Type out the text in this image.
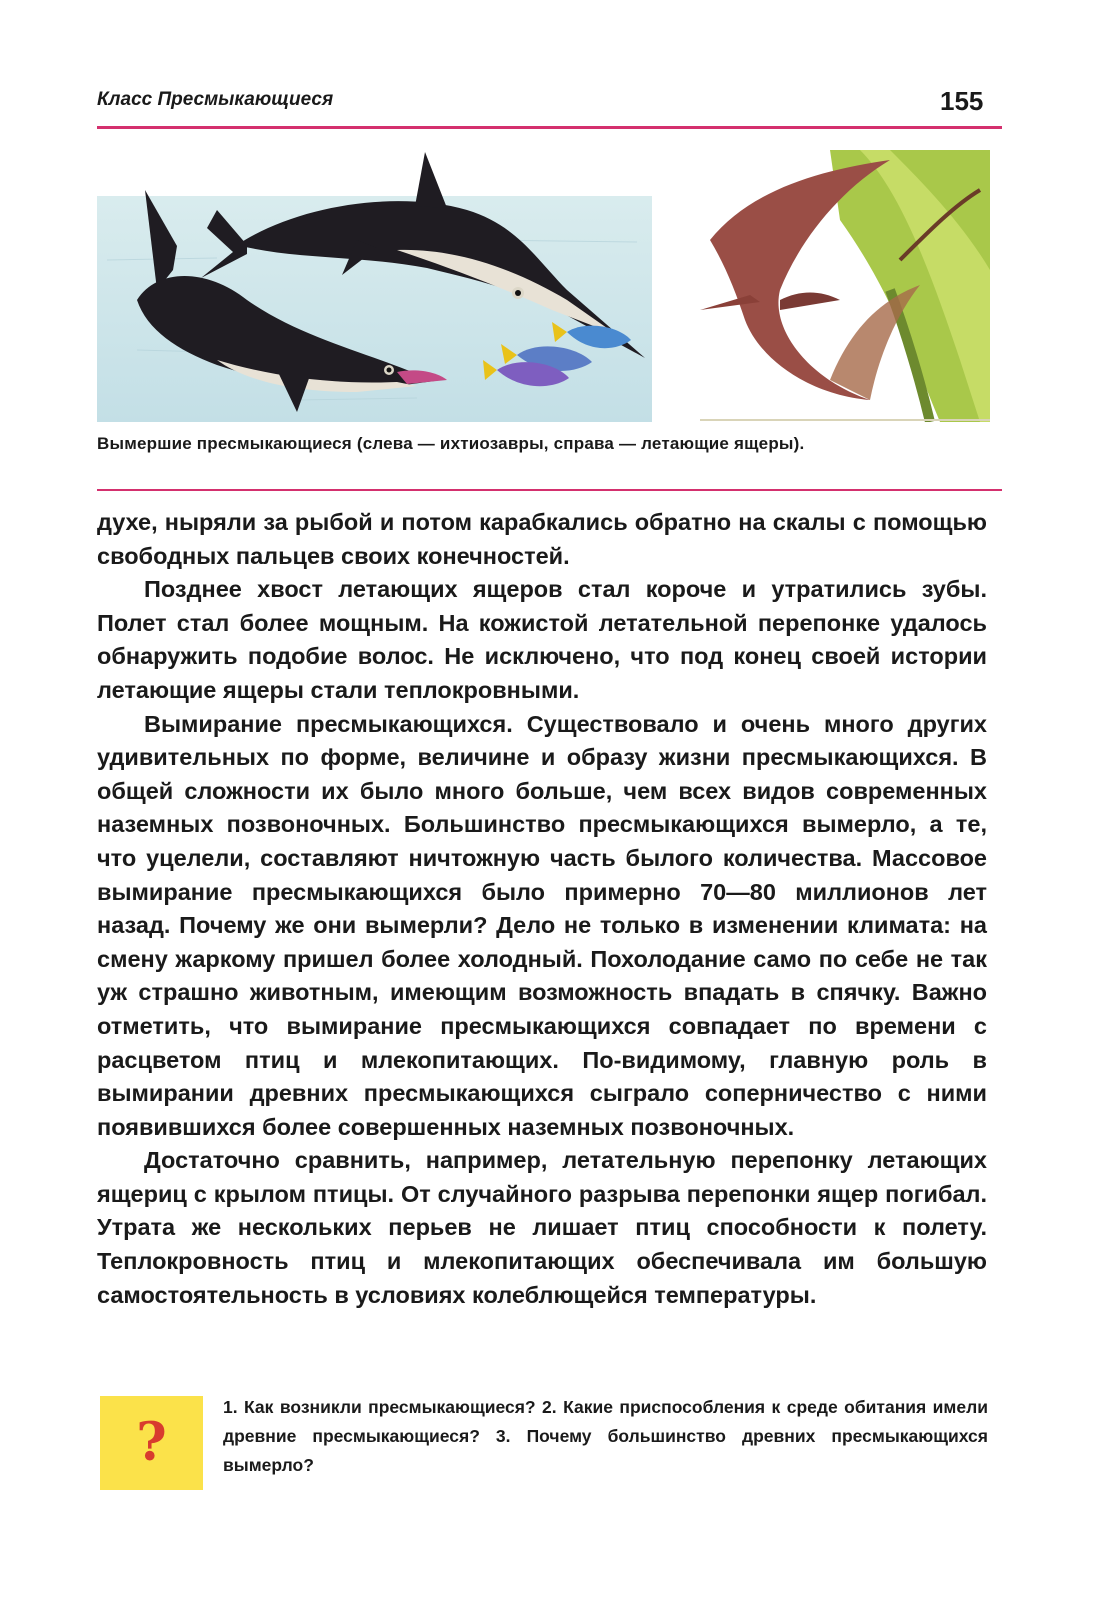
Класс Пресмыкающиеся	155
Вымершие пресмыкающиеся (слева — ихтиозавры, справа — летающие ящеры).

духе, ныряли за рыбой и потом карабкались обратно на скалы с помощью свободных пальцев своих конечностей.

Позднее хвост летающих ящеров стал короче и утратились зубы. Полет стал более мощным. На кожистой летательной перепонке удалось обнаружить подобие волос. Не исключено, что под конец своей истории летающие ящеры стали теплокровными.

Вымирание пресмыкающихся. Существовало и очень много других удивительных по форме, величине и образу жизни пресмыкающихся. В общей сложности их было много больше, чем всех видов современных наземных позвоночных. Большинство пресмыкающихся вымерло, а те, что уцелели, составляют ничтожную часть былого количества. Массовое вымирание пресмыкающихся было примерно 70—80 миллионов лет назад. Почему же они вымерли? Дело не только в изменении климата: на смену жаркому пришел более холодный. Похолодание само по себе не так уж страшно животным, имеющим возможность впадать в спячку. Важно отметить, что вымирание пресмыкающихся совпадает по времени с расцветом птиц и млекопитающих. По-видимому, главную роль в вымирании древних пресмыкающихся сыграло соперничество с ними появившихся более совершенных наземных позвоночных.

Достаточно сравнить, например, летательную перепонку летающих ящериц с крылом птицы. От случайного разрыва перепонки ящер погибал. Утрата же нескольких перьев не лишает птиц способности к полету. Теплокровность птиц и млекопитающих обеспечивала им большую самостоятельность в условиях колеблющейся температуры.

?
1. Как возникли пресмыкающиеся? 2. Какие приспособления к среде обитания имели древние пресмыкающиеся? 3. Почему большинство древних пресмыкающихся вымерло?
